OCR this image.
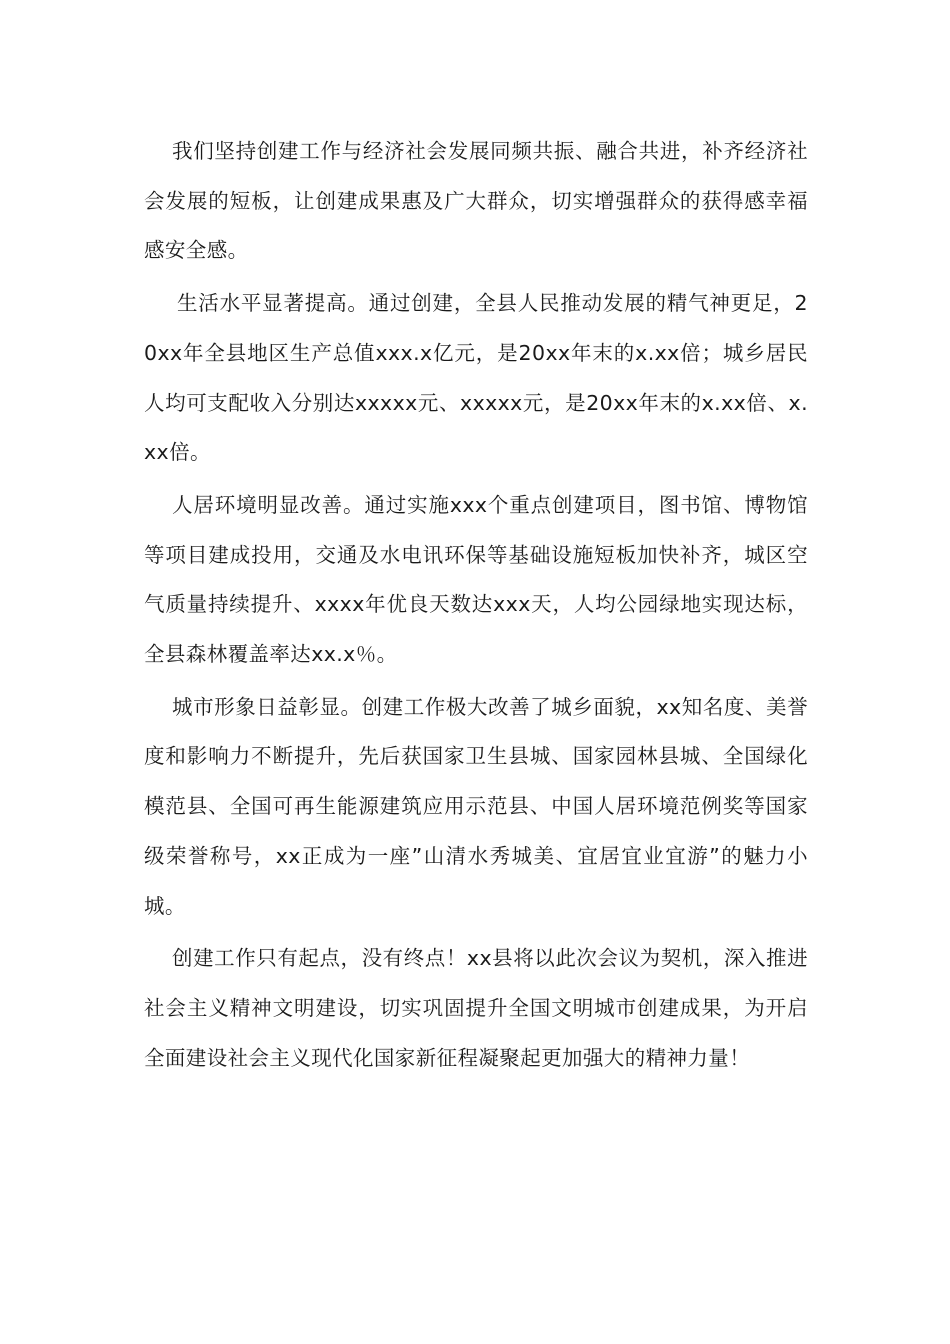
我们坚持创建工作与经济社会发展同频共振、融合共进，补齐经济社会发展的短板，让创建成果惠及广大群众，切实增强群众的获得感幸福感安全感。

生活水平显著提高。通过创建，全县人民推动发展的精气神更足，20xx年全县地区生产总值xxx.x亿元，是20xx年末的x.xx倍；城乡居民人均可支配收入分别达xxxxx元、xxxxx元，是20xx年末的x.xx倍、x.xx倍。

人居环境明显改善。通过实施xxx个重点创建项目，图书馆、博物馆等项目建成投用，交通及水电讯环保等基础设施短板加快补齐，城区空气质量持续提升、xxxx年优良天数达xxx天，人均公园绿地实现达标，全县森林覆盖率达xx.x％。

城市形象日益彰显。创建工作极大改善了城乡面貌，xx知名度、美誉度和影响力不断提升，先后获国家卫生县城、国家园林县城、全国绿化模范县、全国可再生能源建筑应用示范县、中国人居环境范例奖等国家级荣誉称号，xx正成为一座”山清水秀城美、宜居宜业宜游”的魅力小城。

创建工作只有起点，没有终点！xx县将以此次会议为契机，深入推进社会主义精神文明建设，切实巩固提升全国文明城市创建成果，为开启全面建设社会主义现代化国家新征程凝聚起更加强大的精神力量！
